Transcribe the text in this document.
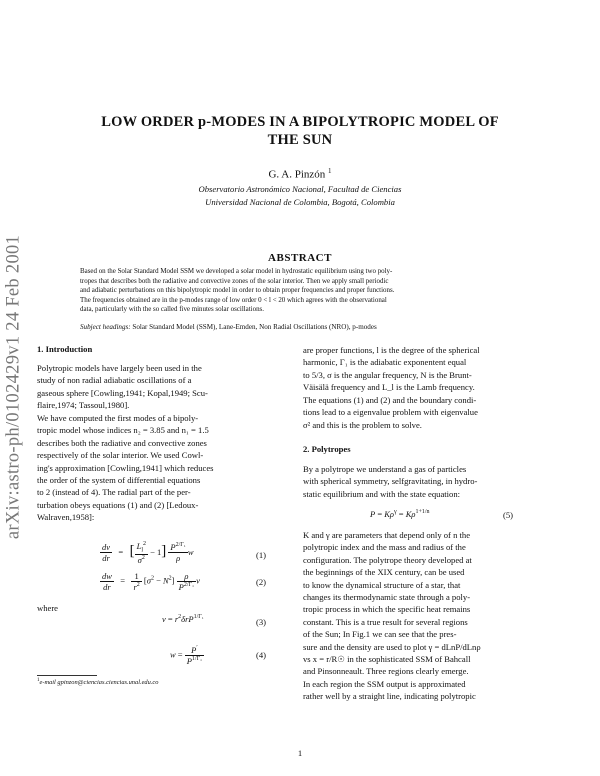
arXiv:astro-ph/0102429v1 24 Feb 2001
LOW ORDER p-MODES IN A BIPOLYTROPIC MODEL OF
THE SUN
G. A. Pinzón $^1$
Observatorio Astronómico Nacional, Facultad de Ciencias
Universidad Nacional de Colombia, Bogotá, Colombia
ABSTRACT
Based on the Solar Standard Model SSM we developed a solar model in hydrostatic equilibrium using two poly-
tropes that describes both the radiative and convective zones of the solar interior. Then we apply small periodic
and adiabatic perturbations on this bipolytropic model in order to obtain proper frequencies and proper functions.
The frequencies obtained are in the p-modes range of low order 0 < l < 20 which agrees with the observational
data, particularly with the so called five minutes solar oscillations.
Subject headings: Solar Standard Model (SSM), Lane-Emden, Non Radial Oscillations (NRO), p-modes
1. Introduction
Polytropic models have largely been used in the
study of non radial adiabatic oscillations of a
gaseous sphere [Cowling,1941; Kopal,1949; Scu-
flaire,1974; Tassoul,1980].
We have computed the first modes of a bipoly-
tropic model whose indices n₂ = 3.85 and n₁ = 1.5
describes both the radiative and convective zones
respectively of the solar interior. We used Cowl-
ing's approximation [Cowling,1941] which reduces
the order of the system of differential equations
to 2 (instead of 4). The radial part of the per-
turbation obeys equations (1) and (2) [Ledoux-
Walraven,1958]:
$\frac{dv}{dr}$ =   [ $\frac{L_l^2}{\sigma^2} - 1] \frac{P^{2/\Gamma_1}}{\rho}$ w	(1)
$\frac{dw}{dr} = \frac{1}{r^2} [\sigma^2 - N^2] \frac{\rho}{P^{2/\Gamma_1}}$ v	(2)
where
$v = r^2\delta rP^{1/\Gamma_1}$	(3)
$w = \frac{P'}{P^{1/\Gamma_1}}$	(4)
$^1$e-mail gpinzon@ciencias.ciencias.unal.edu.co
are proper functions, l is the degree of the spherical
harmonic, Γ₁ is the adiabatic exponentent equal
to 5/3, σ is the angular frequency, N is the Brunt-
Väisälä frequency and L_l is the Lamb frequency.
The equations (1) and (2) and the boundary condi-
tions lead to a eigenvalue problem with eigenvalue
σ² and this is the problem to solve.
2. Polytropes
By a polytrope we understand a gas of particles
with spherical symmetry, selfgravitating, in hydro-
static equilibrium and with the state equation:
$P = K\rho^\gamma = K\rho^{1+1/n}$	(5)
K and γ are parameters that depend only of n the
polytropic index and the mass and radius of the
configuration. The polytrope theory developed at
the beginnings of the XIX century, can be used
to know the dynamical structure of a star, that
changes its thermodynamic state through a poly-
tropic process in which the specific heat remains
constant. This is a true result for several regions
of the Sun; In Fig.1 we can see that the pres-
sure and the density are used to plot γ = dLnP/dLnρ
vs x = r/R☉ in the sophisticated SSM of Bahcall
and Pinsonneault. Three regions clearly emerge.
In each region the SSM output is approximated
rather well by a straight line, indicating polytropic
1
